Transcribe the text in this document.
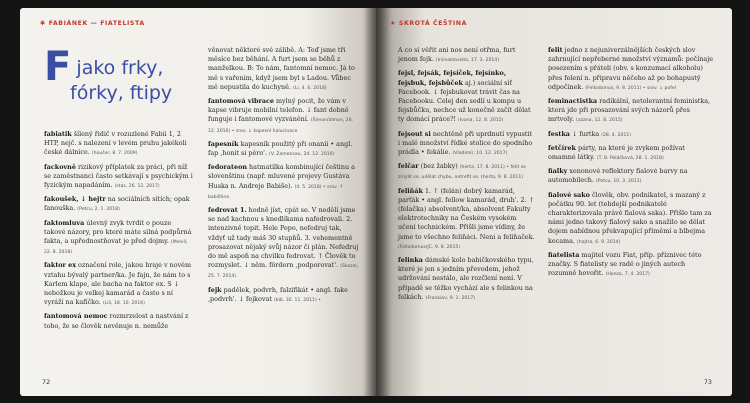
✱ FABIÁNEK — FIATELISTA
F jako frky,
fórky, ftipy

fabiatik šílený řidič v rozuzlené Fabii 1, 2 HTP, nejč. s nalezení v levém pruhu jakékoli české dálnice. (houšer, 8. 7. 2009)

fackovně rizikový příplatek za práci, při níž se zaměstnanci často setkávají s psychickým i fyzickým napadáním. (stas, 26. 12. 2017)

fakoušek, ↓ hejtr na sociálních sítích; opak fanouška. (Petcu, 2. 1. 2018)

faktomluva úlevný zvyk tvrdit o pouze takové názory, pro které máte silná podpůrná fakta, a upřednostňovat je před dojmy. (Melvil, 22. 8. 2018)

faktor ex označení role, jakou hraje v novém vztahu bývalý partner/ka. Je fajn, že nám to s Karlem klape, ale bacha na faktor ex. S ↓ nebožkou je velkej kamarád a často s ní vyráží na kafíčko. (Lili, 18. 10. 2016)

fantomová nemoc rozmrzelost a nastvání z toho, že se člověk nevěnuje n. nemůže

věnovat některé své zálibě. A: Teď jsme tři měsíce bez běhání. A furt jsem se běhů z manželkou. B: To nám, fantomní nemoc. Já to mě s vařením, když jsem byl s Ladou. Vůbec mě nepustila do kuchyně. (Li, 4. 6. 2018)

fantomová vibrace mylný pocit, že vám v kapse vibruje mobilní telefon. ↓ fant dobně funguje i fantomové vyzvánění. (Šimon/almon, 26. 12. 2016) • srov. ↓ kapesní halucinace

fapesník kapesník použitý při onanii • angl. fap ‚honit si péro'. (V. Zamensau, 24. 12. 2016)

fedorateon hatmatilka kombinující češtinu a slovenštinu (např. mluvené projevy Gustáva Huska n. Andreje Babiše). (4. 5. 2018) • srov. ↑ babiština

fedrovat 1. hodně jíst, cpát se. V nedělí jsme se nad kachnou s knedlíkama nafedrovali. 2. intenzivně topit. Hele Pepo, nefedruj tak, vždyť už tady máš 30 stupňů. 3. vehementně prosazovat nějaký svůj názor či plán. Nefedruj do mě aspoň na chvilku fedrovat. ↑ Člověk to rozmyslet. ↓ něm. fördern ‚podporovat'. (Skozel, 25. 7. 2014)

fejk padělek, podvrh, falzifikát • angl. fake ‚podvrh'. ↓ fejkovat (bib, 30. 11. 2011) •

72
★ SKROTÁ ČEŠTINA

A co si věřit ani nos není otřma, furt jenom fejk. (Iniinaklovisto, 17. 3. 2014)

fejsl, fejsák, fejsíček, fejsínko, fejsbuk, fejsbůček aj.) sociální síť Facebook. ↓ fejsbukovat trávit čas na Facebooku. Celej den sedlí u kompu u fejsbůčku, nechce už konečně začít dělat ty domácí práce?! (Ivana, 12. 8. 2015)

fejsout si nechtěně při uprdnutí vypustit i malé množství řídké stolice do spodního prádla • fekálie. (Vladimír, 10. 12. 2017)

felčar (bez žabky) (herta, 17. 8. 2011) • felit se zmýlit se, udělat chybu, netrefit se. (herta, 9. 8. 2011)

feliňák 1. ↑ (felán) dobrý kamarád, parťák • angl. fellow kamarád, druh'. 2. ↑ (felačka) absolvent/ka, absolvent Fakulty elektrotechniky na Českém vysokém učení technickém. Přišli jsme vídiny, že jsme to všechno feliňáci. Neni a feliňaček. (Fellodomus/JC, 9. 8. 2015)

felinka dámské kolo babičkovského typu, které je jen s jedním převodem, jehož udržování nestálo, ale rozčlení není. V případě se těžko vychází ale s felinkou na felkách. (Frankiav, 9. 1. 2017)

felit jedno z nejuniverzálnějších českých slov zahrnující nepřeberné množství významů: počínaje posezením s přáteli (obv. s konzumací alkoholu) přes felení n. připravu něčeho až po bohapustý odpočinek. (Fellodomus, 9. 8. 2011) • srov. ↓ pofel

feminactistka radikální, netolerantní feministka, která jde při prosazování svých názorů přes mrtvoly. (azana, 12. 8. 2015)

festka ↓ furtka (28. 4. 2011)

fetčírek párty, na které je zvykem požívat omamné látky. (T. B. Poláčková, 28. 1. 2018)

fialky xenonové reflektory fialové barvy na automobilech. (Petcu, 10. 3. 2011)

fialové sako člověk, obv. podnikatel, s mazaný z počátku 90. let (tehdejší podnikatelé charakterizovala právě fialová saka). Přišlo tam za námi jedno takový fialový sako a snažilo se dělat dojem nabídnou překvapující příměmí a blbejma kecama. (hajtra, 6. 9. 2014)

fiatelista majitel vozu Fiat, příp. příznivec této značky. S fiatelisty se radě o jiných autech rozumně hovořit. (Honza, 7. 4. 2017)

73
